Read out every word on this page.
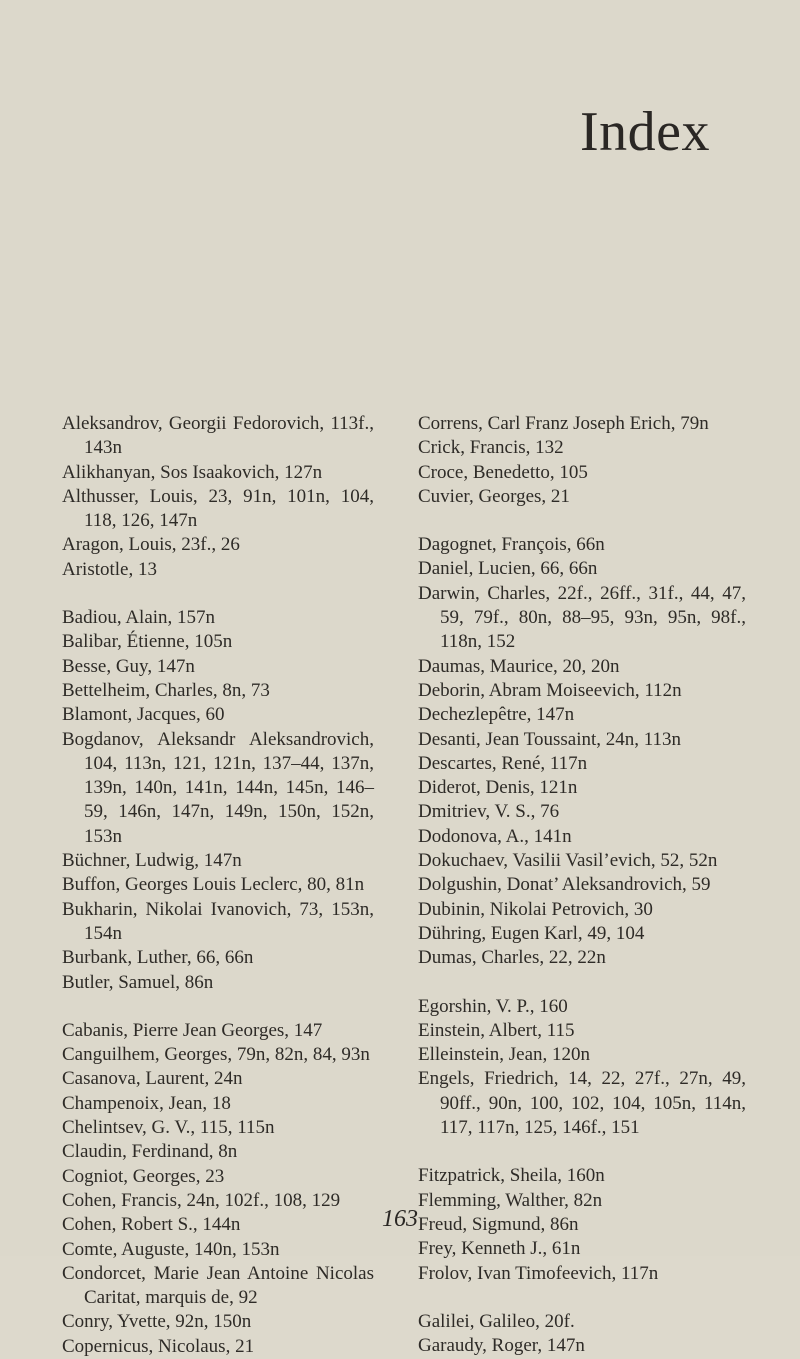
Index
Aleksandrov, Georgii Fedorovich, 113f., 143n
Alikhanyan, Sos Isaakovich, 127n
Althusser, Louis, 23, 91n, 101n, 104, 118, 126, 147n
Aragon, Louis, 23f., 26
Aristotle, 13
Badiou, Alain, 157n
Balibar, Étienne, 105n
Besse, Guy, 147n
Bettelheim, Charles, 8n, 73
Blamont, Jacques, 60
Bogdanov, Aleksandr Aleksandrovich, 104, 113n, 121, 121n, 137–44, 137n, 139n, 140n, 141n, 144n, 145n, 146–59, 146n, 147n, 149n, 150n, 152n, 153n
Büchner, Ludwig, 147n
Buffon, Georges Louis Leclerc, 80, 81n
Bukharin, Nikolai Ivanovich, 73, 153n, 154n
Burbank, Luther, 66, 66n
Butler, Samuel, 86n
Cabanis, Pierre Jean Georges, 147
Canguilhem, Georges, 79n, 82n, 84, 93n
Casanova, Laurent, 24n
Champenoix, Jean, 18
Chelintsev, G. V., 115, 115n
Claudin, Ferdinand, 8n
Cogniot, Georges, 23
Cohen, Francis, 24n, 102f., 108, 129
Cohen, Robert S., 144n
Comte, Auguste, 140n, 153n
Condorcet, Marie Jean Antoine Nicolas Caritat, marquis de, 92
Conry, Yvette, 92n, 150n
Copernicus, Nicolaus, 21
Correns, Carl Franz Joseph Erich, 79n
Crick, Francis, 132
Croce, Benedetto, 105
Cuvier, Georges, 21
Dagognet, François, 66n
Daniel, Lucien, 66, 66n
Darwin, Charles, 22f., 26ff., 31f., 44, 47, 59, 79f., 80n, 88–95, 93n, 95n, 98f., 118n, 152
Daumas, Maurice, 20, 20n
Deborin, Abram Moiseevich, 112n
Dechezlepêtre, 147n
Desanti, Jean Toussaint, 24n, 113n
Descartes, René, 117n
Diderot, Denis, 121n
Dmitriev, V. S., 76
Dodonova, A., 141n
Dokuchaev, Vasilii Vasil’evich, 52, 52n
Dolgushin, Donat’ Aleksandrovich, 59
Dubinin, Nikolai Petrovich, 30
Dühring, Eugen Karl, 49, 104
Dumas, Charles, 22, 22n
Egorshin, V. P., 160
Einstein, Albert, 115
Elleinstein, Jean, 120n
Engels, Friedrich, 14, 22, 27f., 27n, 49, 90ff., 90n, 100, 102, 104, 105n, 114n, 117, 117n, 125, 146f., 151
Fitzpatrick, Sheila, 160n
Flemming, Walther, 82n
Freud, Sigmund, 86n
Frey, Kenneth J., 61n
Frolov, Ivan Timofeevich, 117n
Galilei, Galileo, 20f.
Garaudy, Roger, 147n
163
